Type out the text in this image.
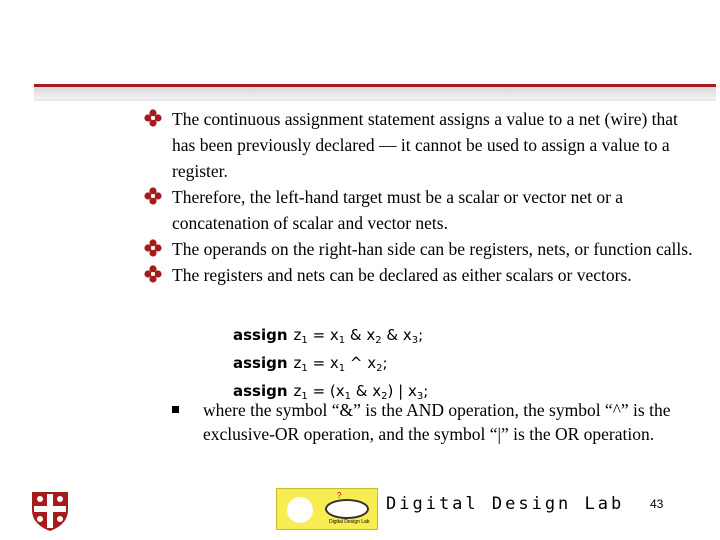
The continuous assignment statement assigns a value to a net (wire) that has been previously declared — it cannot be used to assign a value to a register.
Therefore, the left-hand target must be a scalar or vector net or a concatenation of scalar and vector nets.
The operands on the right-han side can be registers, nets, or function calls.
The registers and nets can be declared as either scalars or vectors.
assign $z_1 = x_1$ & $x_2$ & $x_3$;
assign $z_1 = x_1$ ^ $x_2$;
assign $z_1 = (x_1$ & $x_2$) | $x_3$;
where the symbol “&” is the AND operation, the symbol “^” is the exclusive-OR operation, and the symbol “|” is the OR operation.
?
Digital Design Lab
Digital Design Lab 43
